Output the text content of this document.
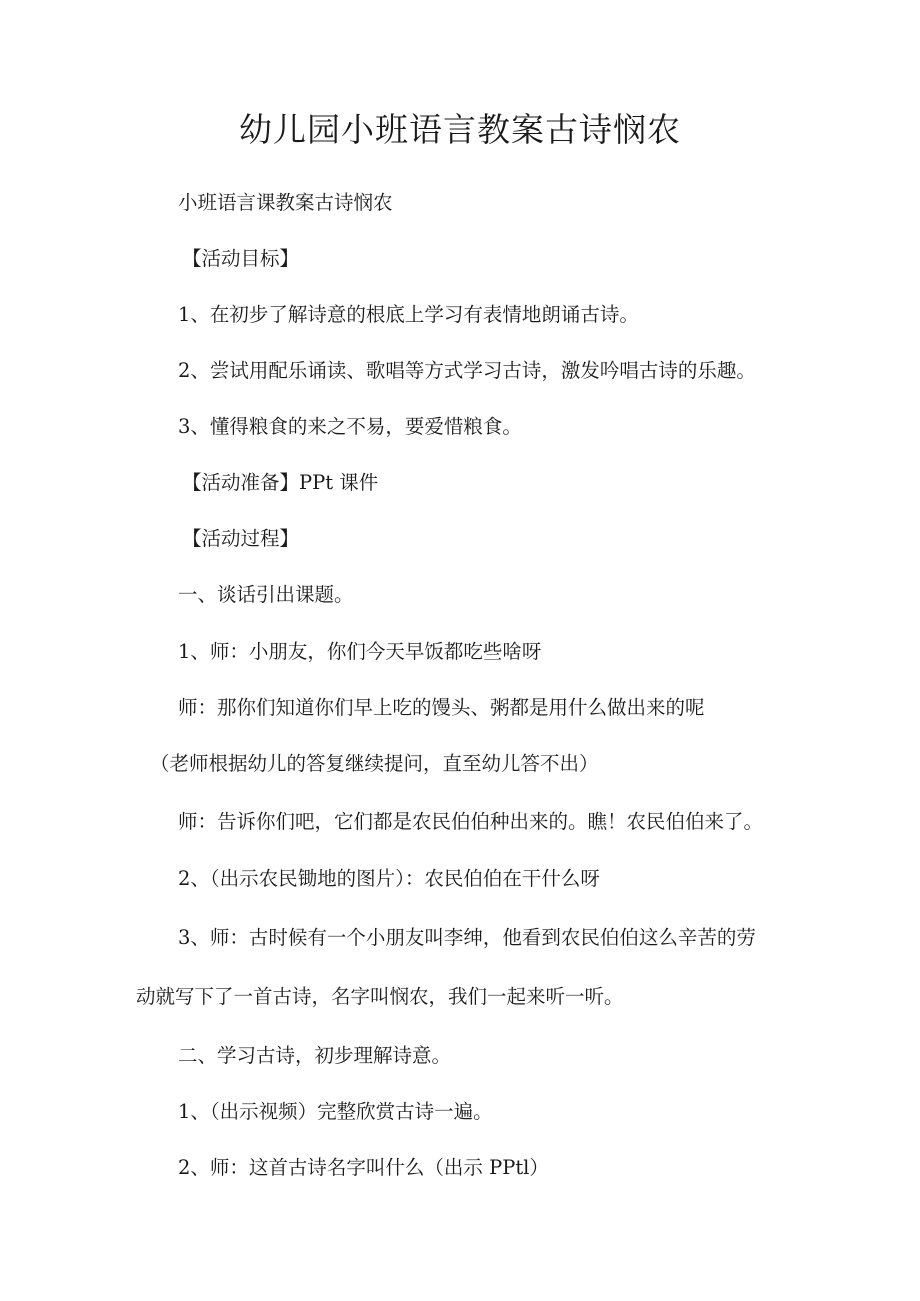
幼儿园小班语言教案古诗悯农
小班语言课教案古诗悯农
【活动目标】
1、在初步了解诗意的根底上学习有表情地朗诵古诗。
2、尝试用配乐诵读、歌唱等方式学习古诗，激发吟唱古诗的乐趣。
3、懂得粮食的来之不易，要爱惜粮食。
【活动准备】PPt 课件
【活动过程】
一、谈话引出课题。
1、师：小朋友，你们今天早饭都吃些啥呀
师：那你们知道你们早上吃的馒头、粥都是用什么做出来的呢
（老师根据幼儿的答复继续提问，直至幼儿答不出）
师：告诉你们吧，它们都是农民伯伯种出来的。瞧！农民伯伯来了。
2、（出示农民锄地的图片）：农民伯伯在干什么呀
3、师：古时候有一个小朋友叫李绅，他看到农民伯伯这么辛苦的劳
动就写下了一首古诗，名字叫悯农，我们一起来听一听。
二、学习古诗，初步理解诗意。
1、（出示视频）完整欣赏古诗一遍。
2、师：这首古诗名字叫什么（出示 PPtl）
